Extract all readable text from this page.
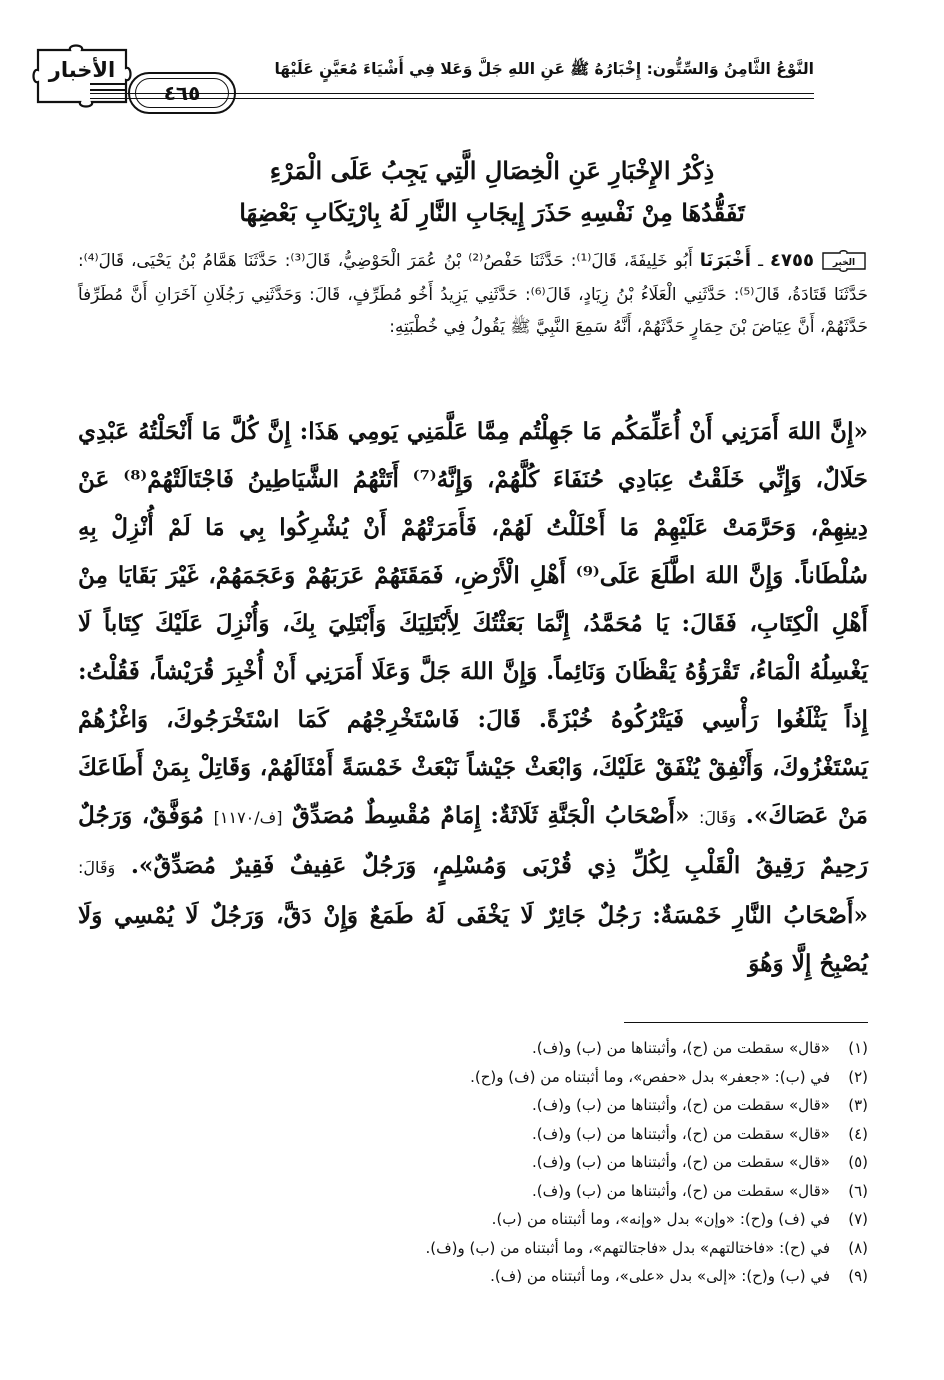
الأخبار	النَّوْعُ الثَّامِنُ وَالسِّتُّون: إِخْبَارُهُ ﷺ عَنِ اللهِ جَلَّ وَعَلا فِي أَشْيَاءَ مُعَيَّنٍ عَلَيْهَا
٤٦٥
ذِكْرُ الإِخْبَارِ عَنِ الْخِصَالِ الَّتِي يَجِبُ عَلَى الْمَرْءِ
تَفَقُّدُهَا مِنْ نَفْسِهِ حَذَرَ إِيجَابِ النَّارِ لَهُ بِارْتِكَابِ بَعْضِهَا
الخبر
٤٧٥٥ ـ أَخْبَرَنَا أَبُو خَلِيفَةَ، قَالَ⁽¹⁾: حَدَّثَنَا حَفْصُ⁽²⁾ بْنُ عُمَرَ الْحَوْضِيُّ، قَالَ⁽³⁾: حَدَّثَنَا هَمَّامُ بْنُ يَحْيَى، قَالَ⁽⁴⁾: حَدَّثَنَا قَتَادَةُ، قَالَ⁽⁵⁾: حَدَّثَنِي الْعَلَاءُ بْنُ زِيَادٍ، قَالَ⁽⁶⁾: حَدَّثَنِي يَزِيدُ أَخُو مُطَرِّفٍ، قَالَ: وَحَدَّثَنِي رَجُلَانِ آخَرَانِ أَنَّ مُطَرِّفاً حَدَّثَهُمْ، أَنَّ عِيَاضَ بْنَ حِمَارٍ حَدَّثَهُمْ، أَنَّهُ سَمِعَ النَّبِيَّ ﷺ يَقُولُ فِي خُطْبَتِهِ:
«إِنَّ اللهَ أَمَرَنِي أَنْ أُعَلِّمَكُم مَا جَهِلْتُم مِمَّا عَلَّمَنِي يَومِي هَذَا: إِنَّ كُلَّ مَا أَنْحَلْتُهُ عَبْدِي حَلَالٌ، وَإِنِّي خَلَقْتُ عِبَادِي حُنَفَاءَ كُلَّهُمْ، وَإِنَّهُ⁽⁷⁾ أَتَتْهُمُ الشَّيَاطِينُ فَاجْتَالَتْهُمْ⁽⁸⁾ عَنْ دِينِهِمْ، وَحَرَّمَتْ عَلَيْهِمْ مَا أَحْلَلْتُ لَهُمْ، فَأَمَرَتْهُمْ أَنْ يُشْرِكُوا بِي مَا لَمْ أُنْزِلْ بِهِ سُلْطَاناً. وَإِنَّ اللهَ اطَّلَعَ عَلَى⁽⁹⁾ أَهْلِ الْأَرْضِ، فَمَقَتَهُمْ عَرَبَهُمْ وَعَجَمَهُمْ، غَيْرَ بَقَايَا مِنْ أَهْلِ الْكِتَابِ، فَقَالَ: يَا مُحَمَّدُ، إِنَّمَا بَعَثْتُكَ لِأَبْتَلِيَكَ وَأَبْتَلِيَ بِكَ، وَأُنْزِلَ عَلَيْكَ كِتَاباً لَا يَغْسِلُهُ الْمَاءُ، تَقْرَؤُهُ يَقْظَانَ وَنَائِماً. وَإِنَّ اللهَ جَلَّ وَعَلَا أَمَرَنِي أَنْ أُخْبِرَ قُرَيْشاً، فَقُلْتُ: إِذاً يَثْلَغُوا رَأْسِي فَيَتْرُكُوهُ خُبْزَةً. قَالَ: فَاسْتَخْرِجْهُم كَمَا اسْتَخْرَجُوكَ، وَاغْزُهُمْ يَسْتَغْزُوكَ، وَأَنْفِقْ يُنْفَقْ عَلَيْكَ، وَابْعَثْ جَيْشاً نَبْعَثْ خَمْسَةً أَمْثَالَهُمْ، وَقَاتِلْ بِمَنْ أَطَاعَكَ مَنْ عَصَاكَ». وَقَالَ: «أَصْحَابُ الْجَنَّةِ ثَلَاثَةٌ: إِمَامٌ مُقْسِطٌ مُصَدِّقٌ [ف/١١٧٠] مُوَفَّقٌ، وَرَجُلٌ رَحِيمٌ رَقِيقُ الْقَلْبِ لِكُلِّ ذِي قُرْبَى وَمُسْلِمٍ، وَرَجُلٌ عَفِيفٌ فَقِيرٌ مُصَدِّقٌ». وَقَالَ: «أَصْحَابُ النَّارِ خَمْسَةٌ: رَجُلٌ جَائِرٌ لَا يَخْفَى لَهُ طَمَعٌ وَإِنْ دَقَّ، وَرَجُلٌ لَا يُمْسِي وَلَا يُصْبِحُ إِلَّا وَهُوَ
(١)
«قال» سقطت من (ح)، وأثبتناها من (ب) و(ف).
(٢)
في (ب): «جعفر» بدل «حفص»، وما أثبتناه من (ف) و(ح).
(٣)
«قال» سقطت من (ح)، وأثبتناها من (ب) و(ف).
(٤)
«قال» سقطت من (ح)، وأثبتناها من (ب) و(ف).
(٥)
«قال» سقطت من (ح)، وأثبتناها من (ب) و(ف).
(٦)
«قال» سقطت من (ح)، وأثبتناها من (ب) و(ف).
(٧)
في (ف) و(ح): «وإن» بدل «وإنه»، وما أثبتناه من (ب).
(٨)
في (ح): «فاختالتهم» بدل «فاجتالتهم»، وما أثبتناه من (ب) و(ف).
(٩)
في (ب) و(ح): «إلى» بدل «على»، وما أثبتناه من (ف).
